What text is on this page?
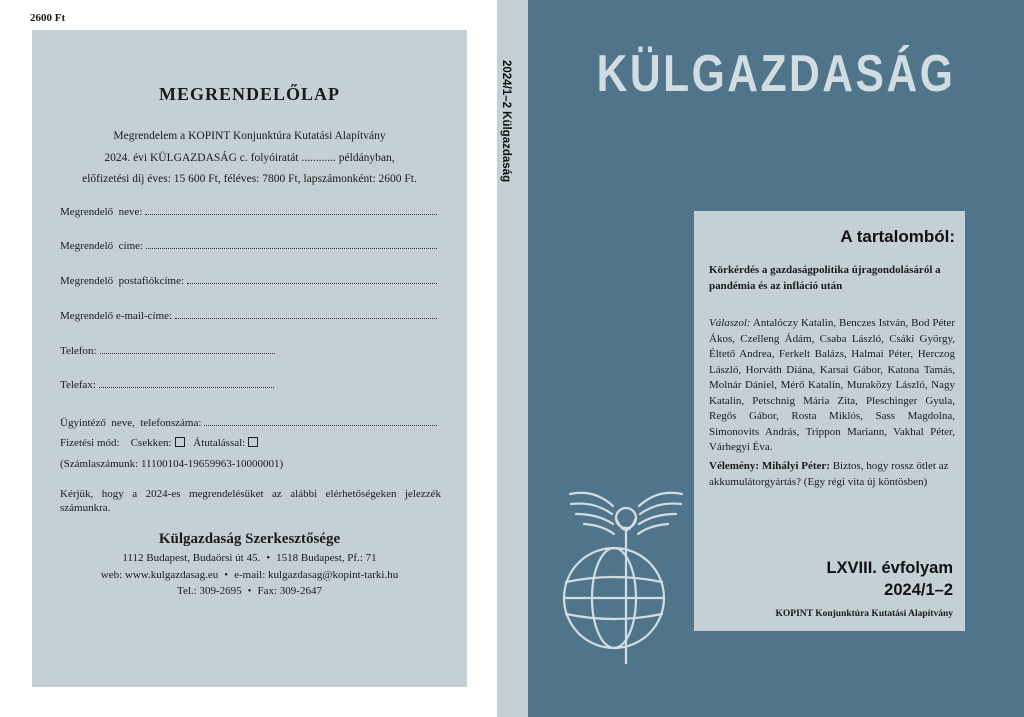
2600 Ft
MEGRENDELŐLAP
Megrendelem a KOPINT Konjunktúra Kutatási Alapítvány
2024. évi KÜLGAZDASÁG c. folyóiratát ............ példányban,
előfizetési díj éves: 15 600 Ft, féléves: 7800 Ft, lapszámonként: 2600 Ft.
Megrendelő  neve:
Megrendelő  címe:
Megrendelő  postafiókcíme:
Megrendelő e-mail-címe:
Telefon:
Telefax:
Ügyintéző  neve,  telefonszáma:
Fizetési mód: Csekken: Átutalással:
(Számlaszámunk: 11100104-19659963-10000001)
Kérjük, hogy a 2024-es megrendelésüket az alábbi elérhetőségeken jelezzék számunkra.
Külgazdaság Szerkesztősége
1112 Budapest, Budaörsi út 45. • 1518 Budapest, Pf.: 71
web: www.kulgazdasag.eu • e-mail: kulgazdasag@kopint-tarki.hu
Tel.: 309-2695 • Fax: 309-2647
2024/1–2 Külgazdaság	KÜLGAZDASÁG
A tartalomból:
Körkérdés a gazdaságpolitika újragondolásáról a pandémia és az infláció után
Válaszol: Antalóczy Katalin, Benczes István, Bod Péter Ákos, Czelleng Ádám, Csaba László, Csáki György, Éltető Andrea, Ferkelt Balázs, Halmai Péter, Herczog László, Horváth Diána, Karsai Gábor, Katona Tamás, Molnár Dániel, Mérő Katalin, Muraközy László, Nagy Katalin, Petschnig Mária Zita, Pleschinger Gyula, Regős Gábor, Rosta Miklós, Sass Magdolna, Simonovits András, Trippon Mariann, Vakhal Péter, Várhegyi Éva.
Vélemény: Mihályi Péter: Biztos, hogy rossz ötlet az akkumulátorgyártás? (Egy régi vita új köntösben)
LXVIII. évfolyam
2024/1–2
KOPINT Konjunktúra Kutatási Alapítvány
